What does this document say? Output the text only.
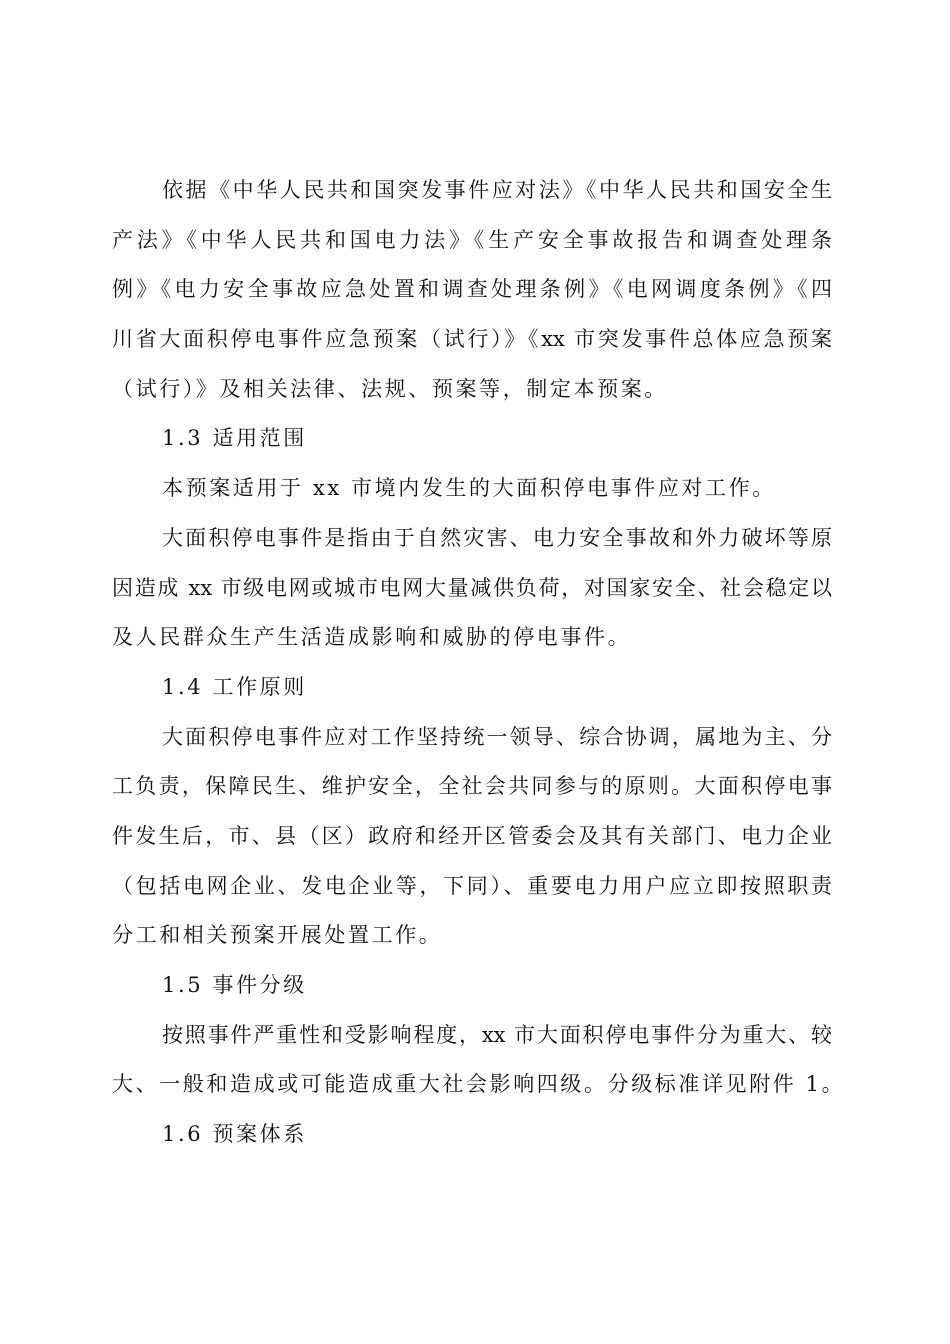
依据《中华人民共和国突发事件应对法》《中华人民共和国安全生
产法》《中华人民共和国电力法》《生产安全事故报告和调查处理条
例》《电力安全事故应急处置和调查处理条例》《电网调度条例》《四
川省大面积停电事件应急预案（试行）》《xx 市突发事件总体应急预案
（试行）》及相关法律、法规、预案等，制定本预案。
1.3 适用范围
本预案适用于 xx 市境内发生的大面积停电事件应对工作。
大面积停电事件是指由于自然灾害、电力安全事故和外力破坏等原
因造成 xx 市级电网或城市电网大量减供负荷，对国家安全、社会稳定以
及人民群众生产生活造成影响和威胁的停电事件。
1.4 工作原则
大面积停电事件应对工作坚持统一领导、综合协调，属地为主、分
工负责，保障民生、维护安全，全社会共同参与的原则。大面积停电事
件发生后，市、县（区）政府和经开区管委会及其有关部门、电力企业
（包括电网企业、发电企业等，下同）、重要电力用户应立即按照职责
分工和相关预案开展处置工作。
1.5 事件分级
按照事件严重性和受影响程度，xx 市大面积停电事件分为重大、较
大、一般和造成或可能造成重大社会影响四级。分级标准详见附件 1。
1.6 预案体系
